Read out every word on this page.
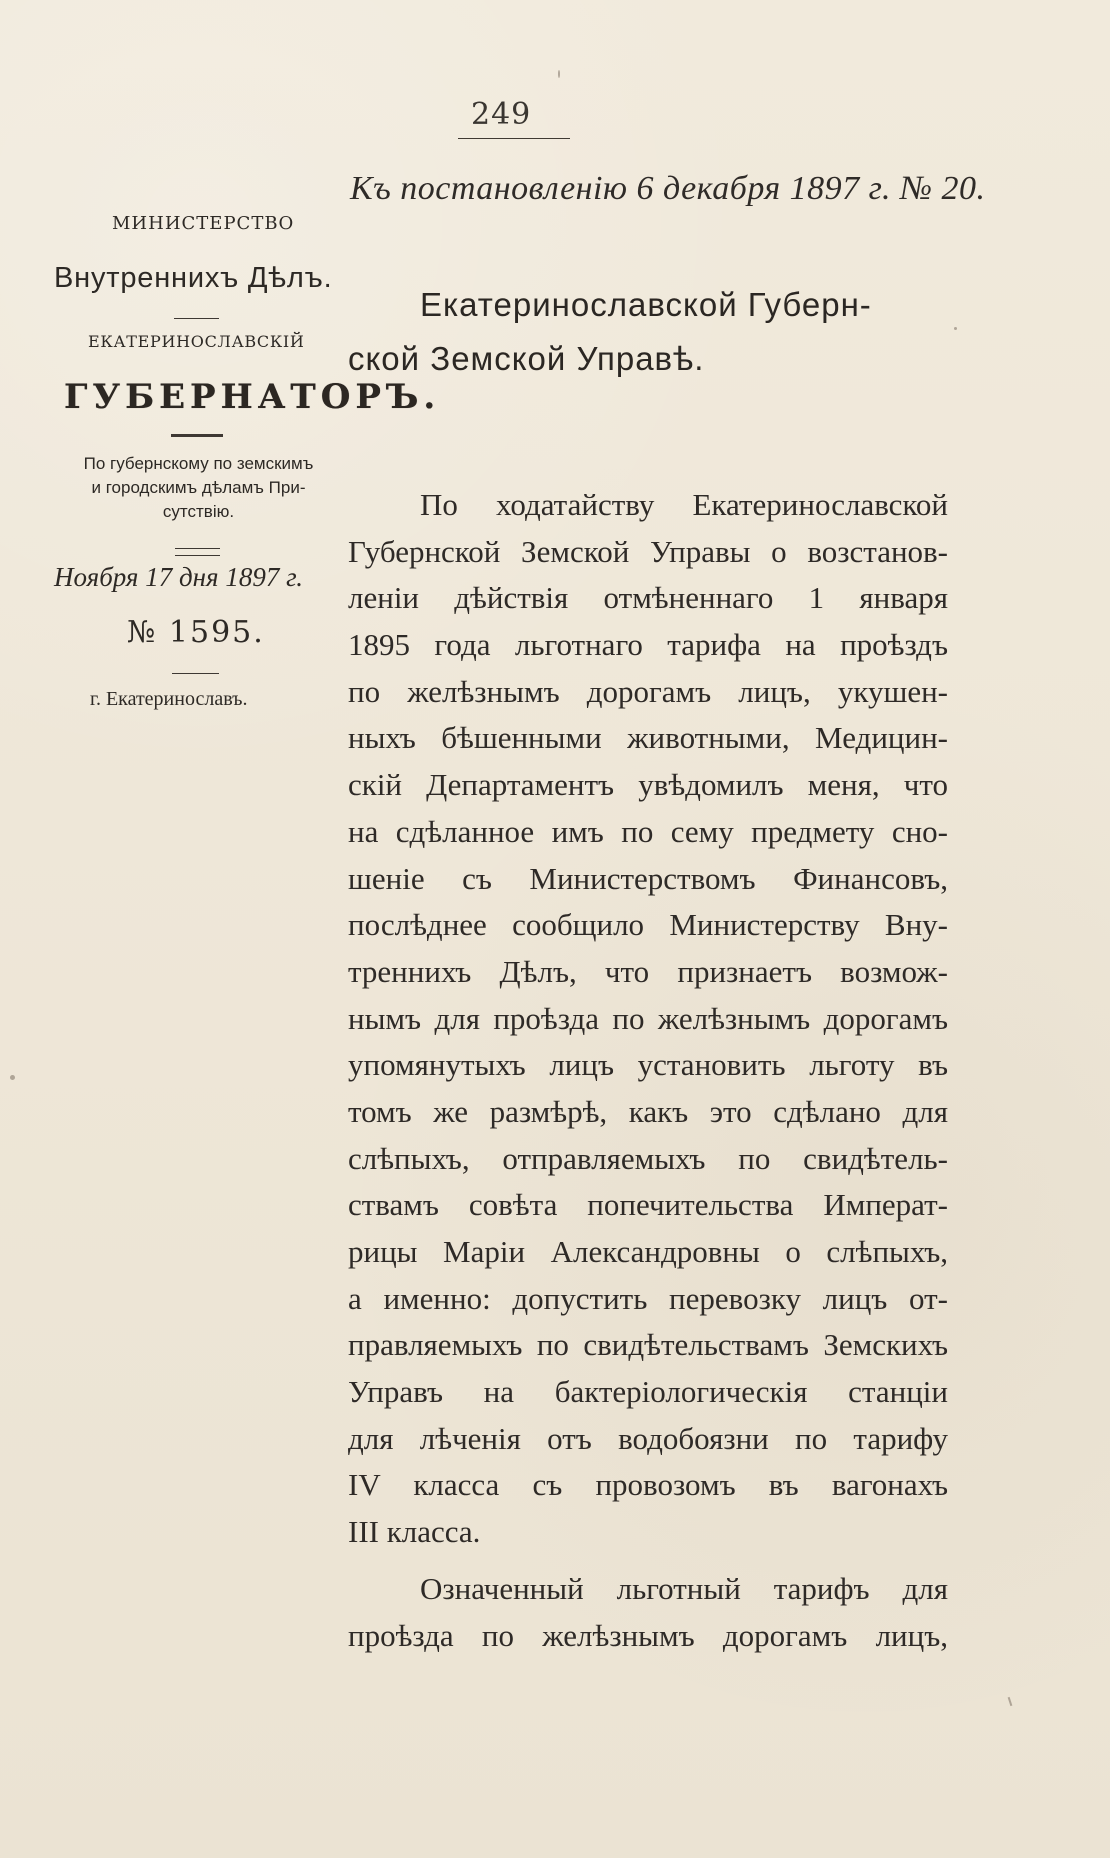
249
Къ постановленію 6 декабря 1897 г. № 20.
МИНИСТЕРСТВО
Внутреннихъ Дѣлъ.
ЕКАТЕРИНОСЛАВСКІЙ
ГУБЕРНАТОРЪ.
По губернскому по земскимъ
и городскимъ дѣламъ При-
сутствію.
Ноября 17 дня 1897 г.
№ 1595.
г. Екатеринославъ.
Екатеринославской Губерн-
ской Земской Управѣ.
По ходатайству Екатеринославской
Губернской Земской Управы о возстанов-
леніи дѣйствія отмѣненнаго 1 января
1895 года льготнаго тарифа на проѣздъ
по желѣзнымъ дорогамъ лицъ, укушен-
ныхъ бѣшенными животными, Медицин-
скій Департаментъ увѣдомилъ меня, что
на сдѣланное имъ по сему предмету сно-
шеніе съ Министерствомъ Финансовъ,
послѣднее сообщило Министерству Вну-
треннихъ Дѣлъ, что признаетъ возмож-
нымъ для проѣзда по желѣзнымъ дорогамъ
упомянутыхъ лицъ установить льготу въ
томъ же размѣрѣ, какъ это сдѣлано для
слѣпыхъ, отправляемыхъ по свидѣтель-
ствамъ совѣта попечительства Императ-
рицы Маріи Александровны о слѣпыхъ,
а именно: допустить перевозку лицъ от-
правляемыхъ по свидѣтельствамъ Земскихъ
Управъ на бактеріологическія станціи
для лѣченія отъ водобоязни по тарифу
IV класса съ провозомъ въ вагонахъ
III класса.
Означенный льготный тарифъ для
проѣзда по желѣзнымъ дорогамъ лицъ,
